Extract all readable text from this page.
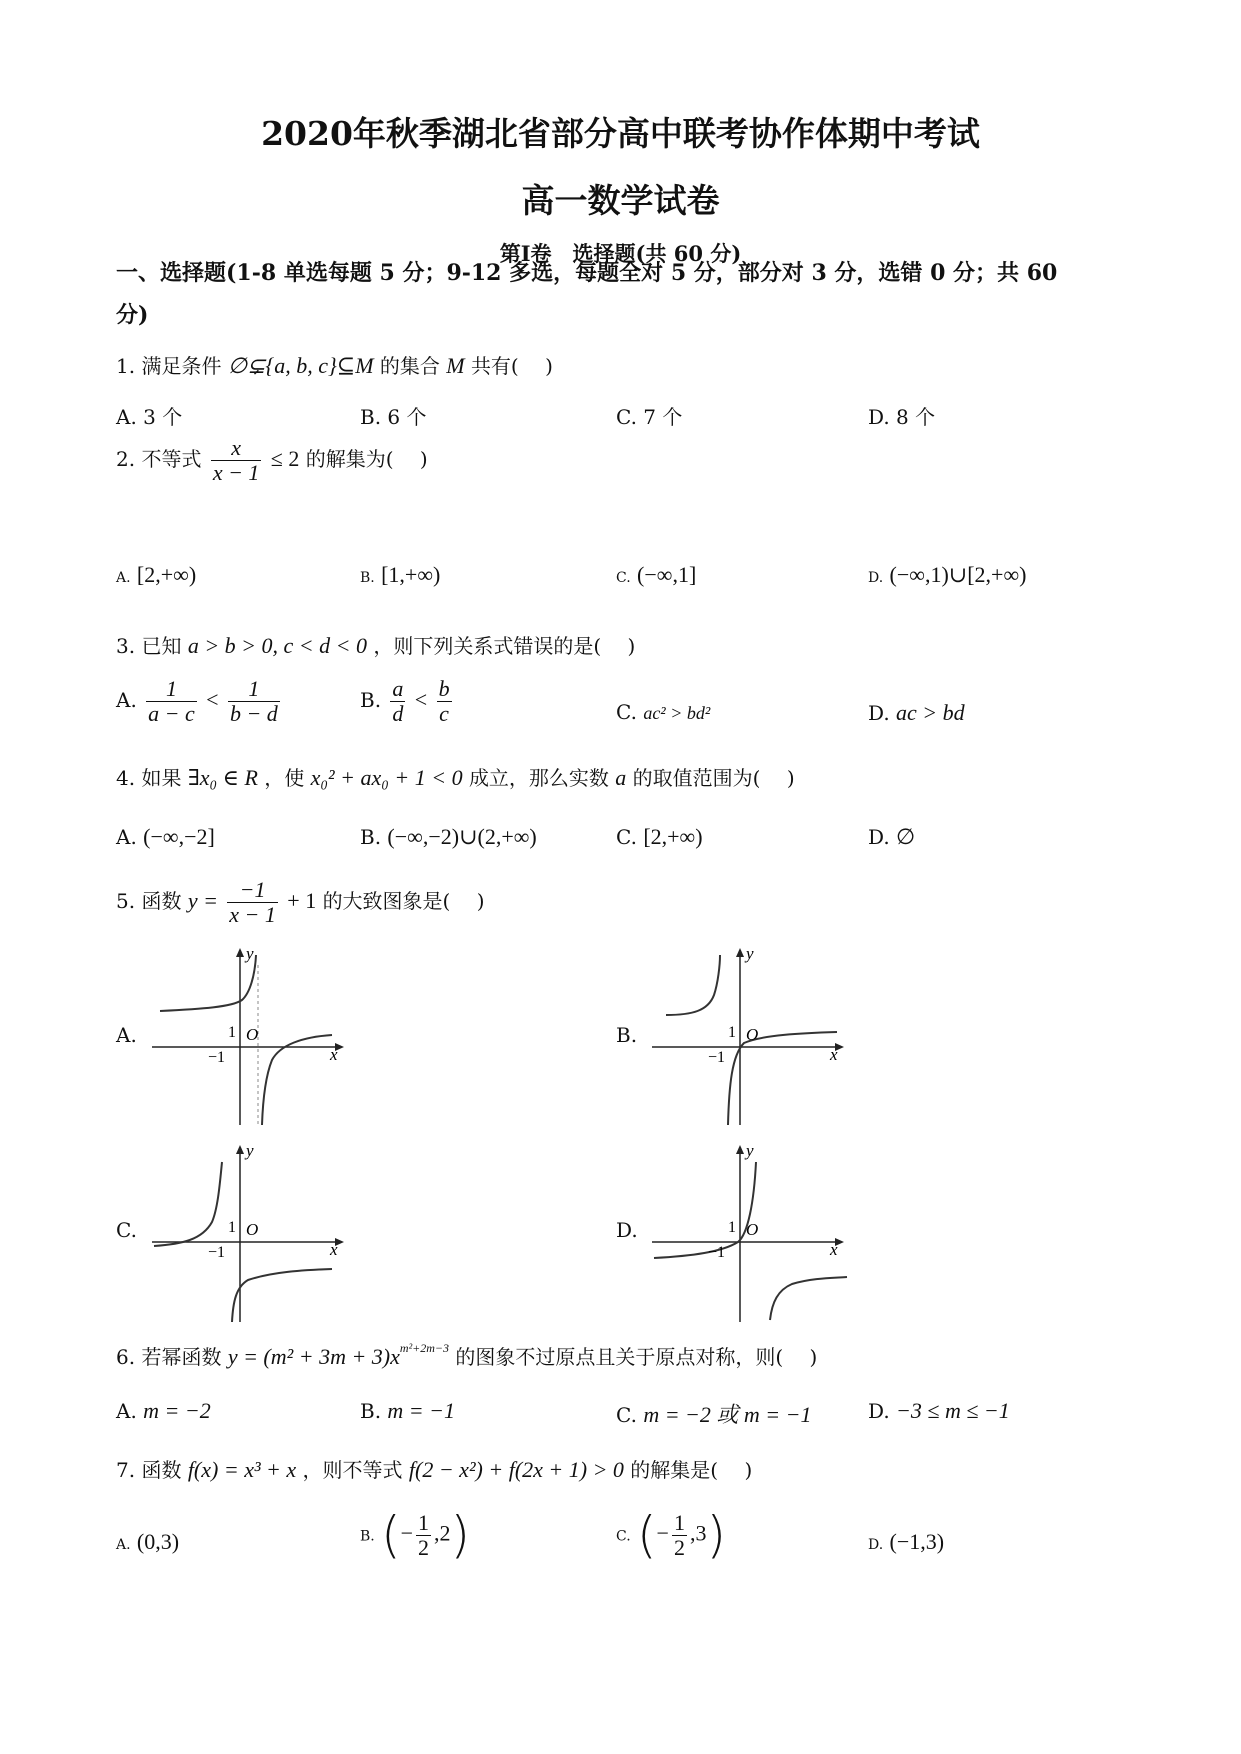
2020年秋季湖北省部分高中联考协作体期中考试
高一数学试卷
第Ⅰ卷　选择题(共 60 分)
一、选择题(1-8 单选每题 5 分；9-12 多选，每题全对 5 分，部分对 3 分，选错 0 分；共 60
分)
1. 满足条件 ∅⊊{a, b, c}⊆M 的集合 M 共有(　 )
A. 3 个	B. 6 个	C. 7 个	D. 8 个
2. 不等式 $\frac{x}{x - 1} \le 2$ 的解集为(　 )
A. [2,+∞)	B. [1,+∞)	C. (−∞,1]	D. (−∞,1)∪[2,+∞)
3. 已知 a > b > 0, c < d < 0 ，则下列关系式错误的是(　 )
A. $\frac{1}{a - c} < \frac{1}{b - d}$	B. $\frac{a}{d} < \frac{b}{c}$	C. ac² > bd²	D. ac > bd
4. 如果 ∃x₀ ∈ R ，使 x₀² + ax₀ + 1 < 0 成立，那么实数 a 的取值范围为(　 )
A. (−∞,−2]	B. (−∞,−2)∪(2,+∞)	C. [2,+∞)	D. ∅
5. 函数 $y = \frac{-1}{x - 1} + 1$ 的大致图象是(　 )
A.
x
y
O
1
−1
B.
x
y
O
1
−1
C.
x
y
O
1
−1
D.
x
y
O
1
−1
6. 若幂函数 $y = (m^2 + 3m + 3)x^{m^2+2m-3}$ 的图象不过原点且关于原点对称，则(　 )
A. m = −2	B. m = −1	C. m = −2 或 m = −1	D. −3 ≤ m ≤ −1
7. 函数 f(x) = x³ + x ，则不等式 f(2 − x²) + f(2x + 1) > 0 的解集是(　 )
A. (0,3)	B. (− $\frac{1}{2} ,2$)	C. (− $\frac{1}{2} ,3$)	D. (−1,3)
